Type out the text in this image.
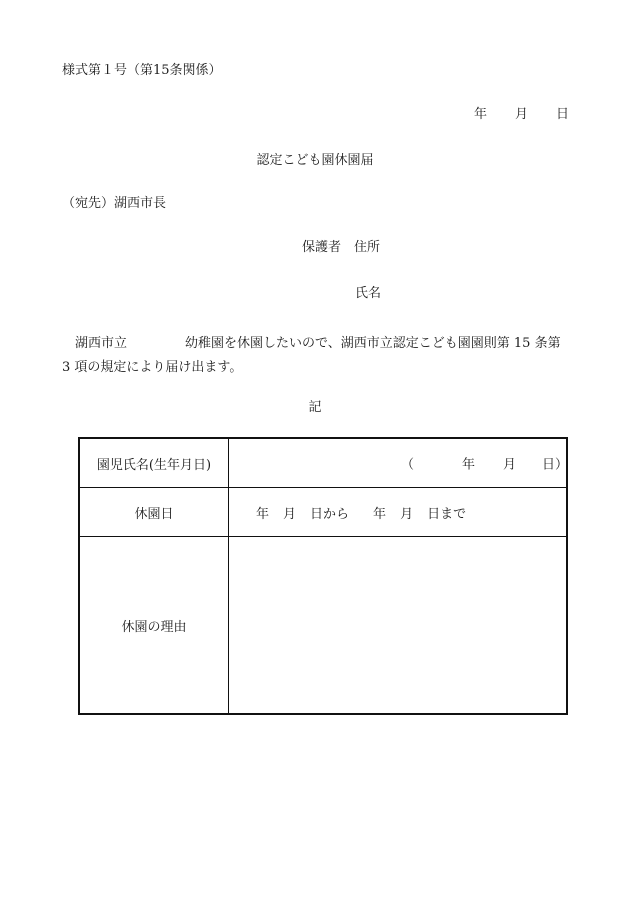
様式第１号（第15条関係）
年 月 日
認定こども園休園届
（宛先）湖西市長
保護者 住所
氏名
湖西市立	幼稚園を休園したいので、湖西市立認定こども園園則第 15 条第 3 項の規定により届け出ます。
記
園児氏名(生年月日)	（ 年 月 日）

休園日	年 月 日から 年 月 日まで
休園の理由	
